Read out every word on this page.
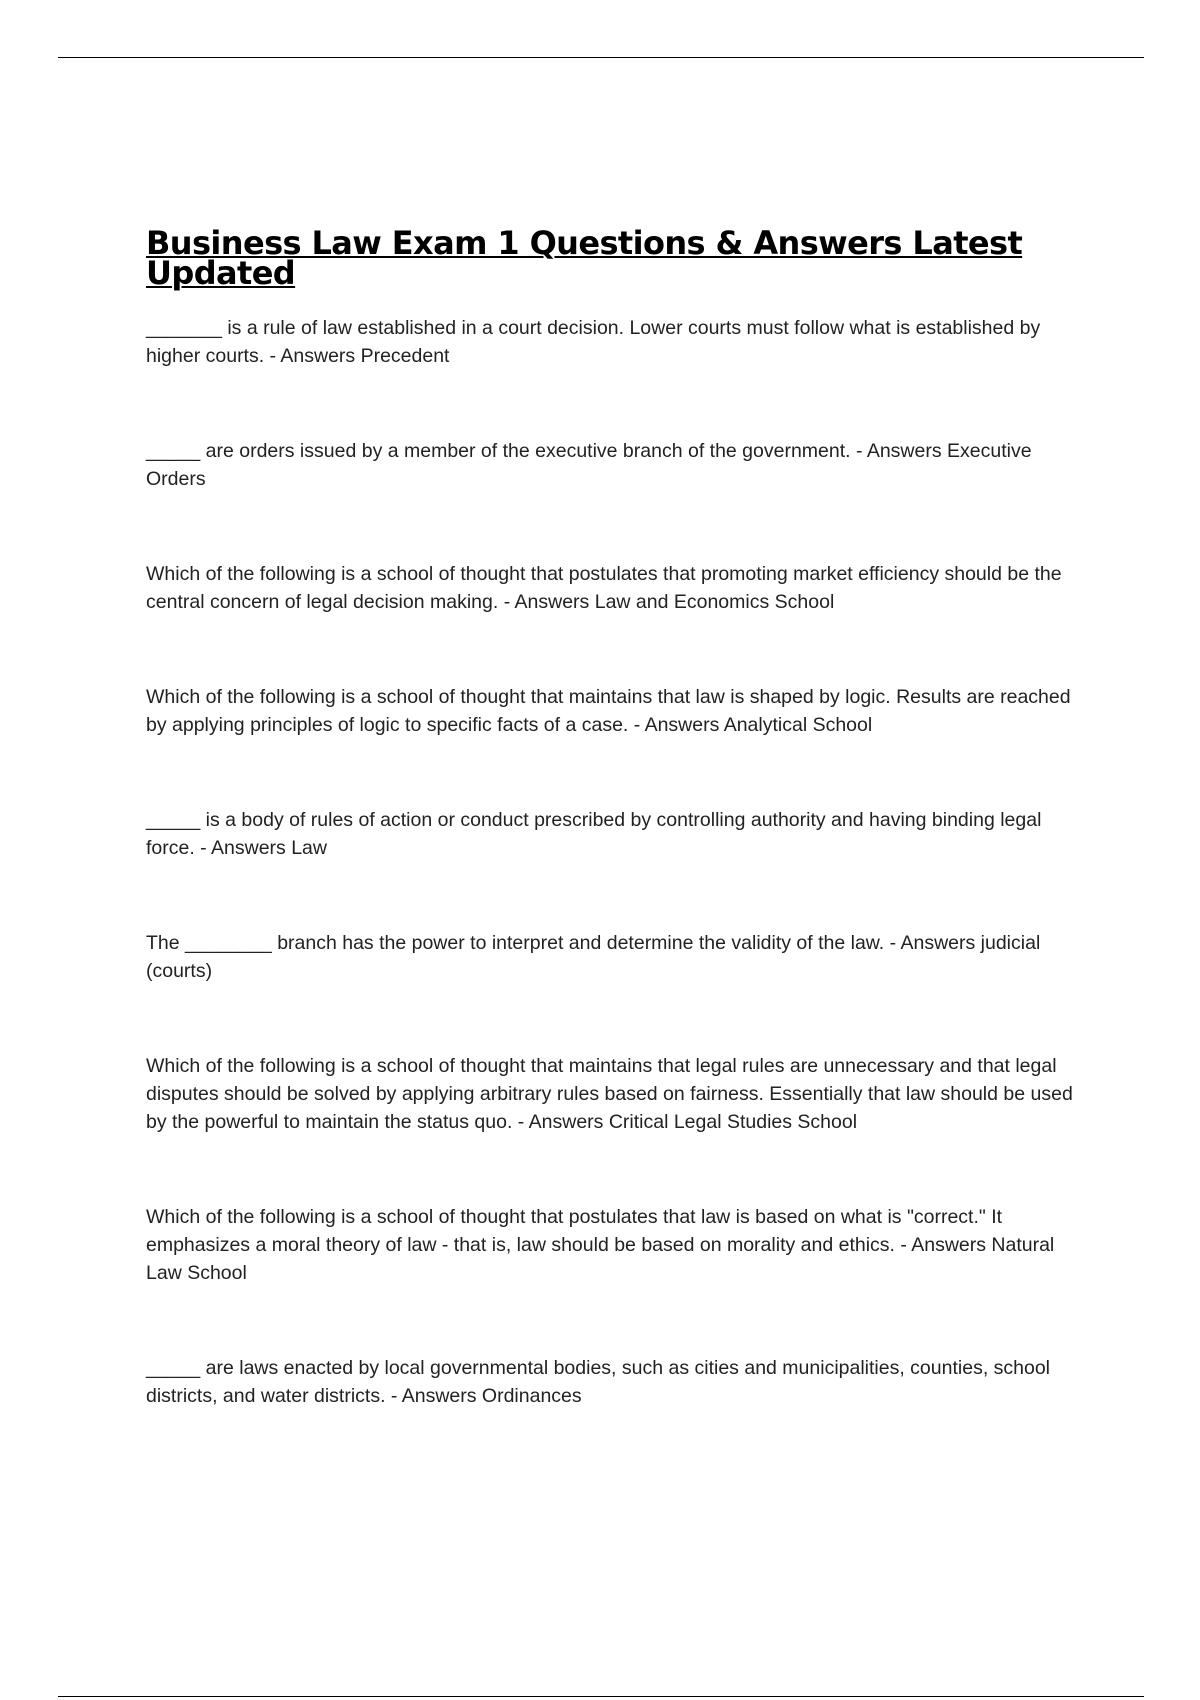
Business Law Exam 1 Questions & Answers Latest Updated

_______ is a rule of law established in a court decision. Lower courts must follow what is established by higher courts. - Answers Precedent

_____ are orders issued by a member of the executive branch of the government. - Answers Executive Orders

Which of the following is a school of thought that postulates that promoting market efficiency should be the central concern of legal decision making. - Answers Law and Economics School

Which of the following is a school of thought that maintains that law is shaped by logic. Results are reached by applying principles of logic to specific facts of a case. - Answers Analytical School

_____ is a body of rules of action or conduct prescribed by controlling authority and having binding legal force. - Answers Law

The ________ branch has the power to interpret and determine the validity of the law. - Answers judicial (courts)

Which of the following is a school of thought that maintains that legal rules are unnecessary and that legal disputes should be solved by applying arbitrary rules based on fairness. Essentially that law should be used by the powerful to maintain the status quo. - Answers Critical Legal Studies School

Which of the following is a school of thought that postulates that law is based on what is "correct." It emphasizes a moral theory of law - that is, law should be based on morality and ethics. - Answers Natural Law School

_____ are laws enacted by local governmental bodies, such as cities and municipalities, counties, school districts, and water districts. - Answers Ordinances
